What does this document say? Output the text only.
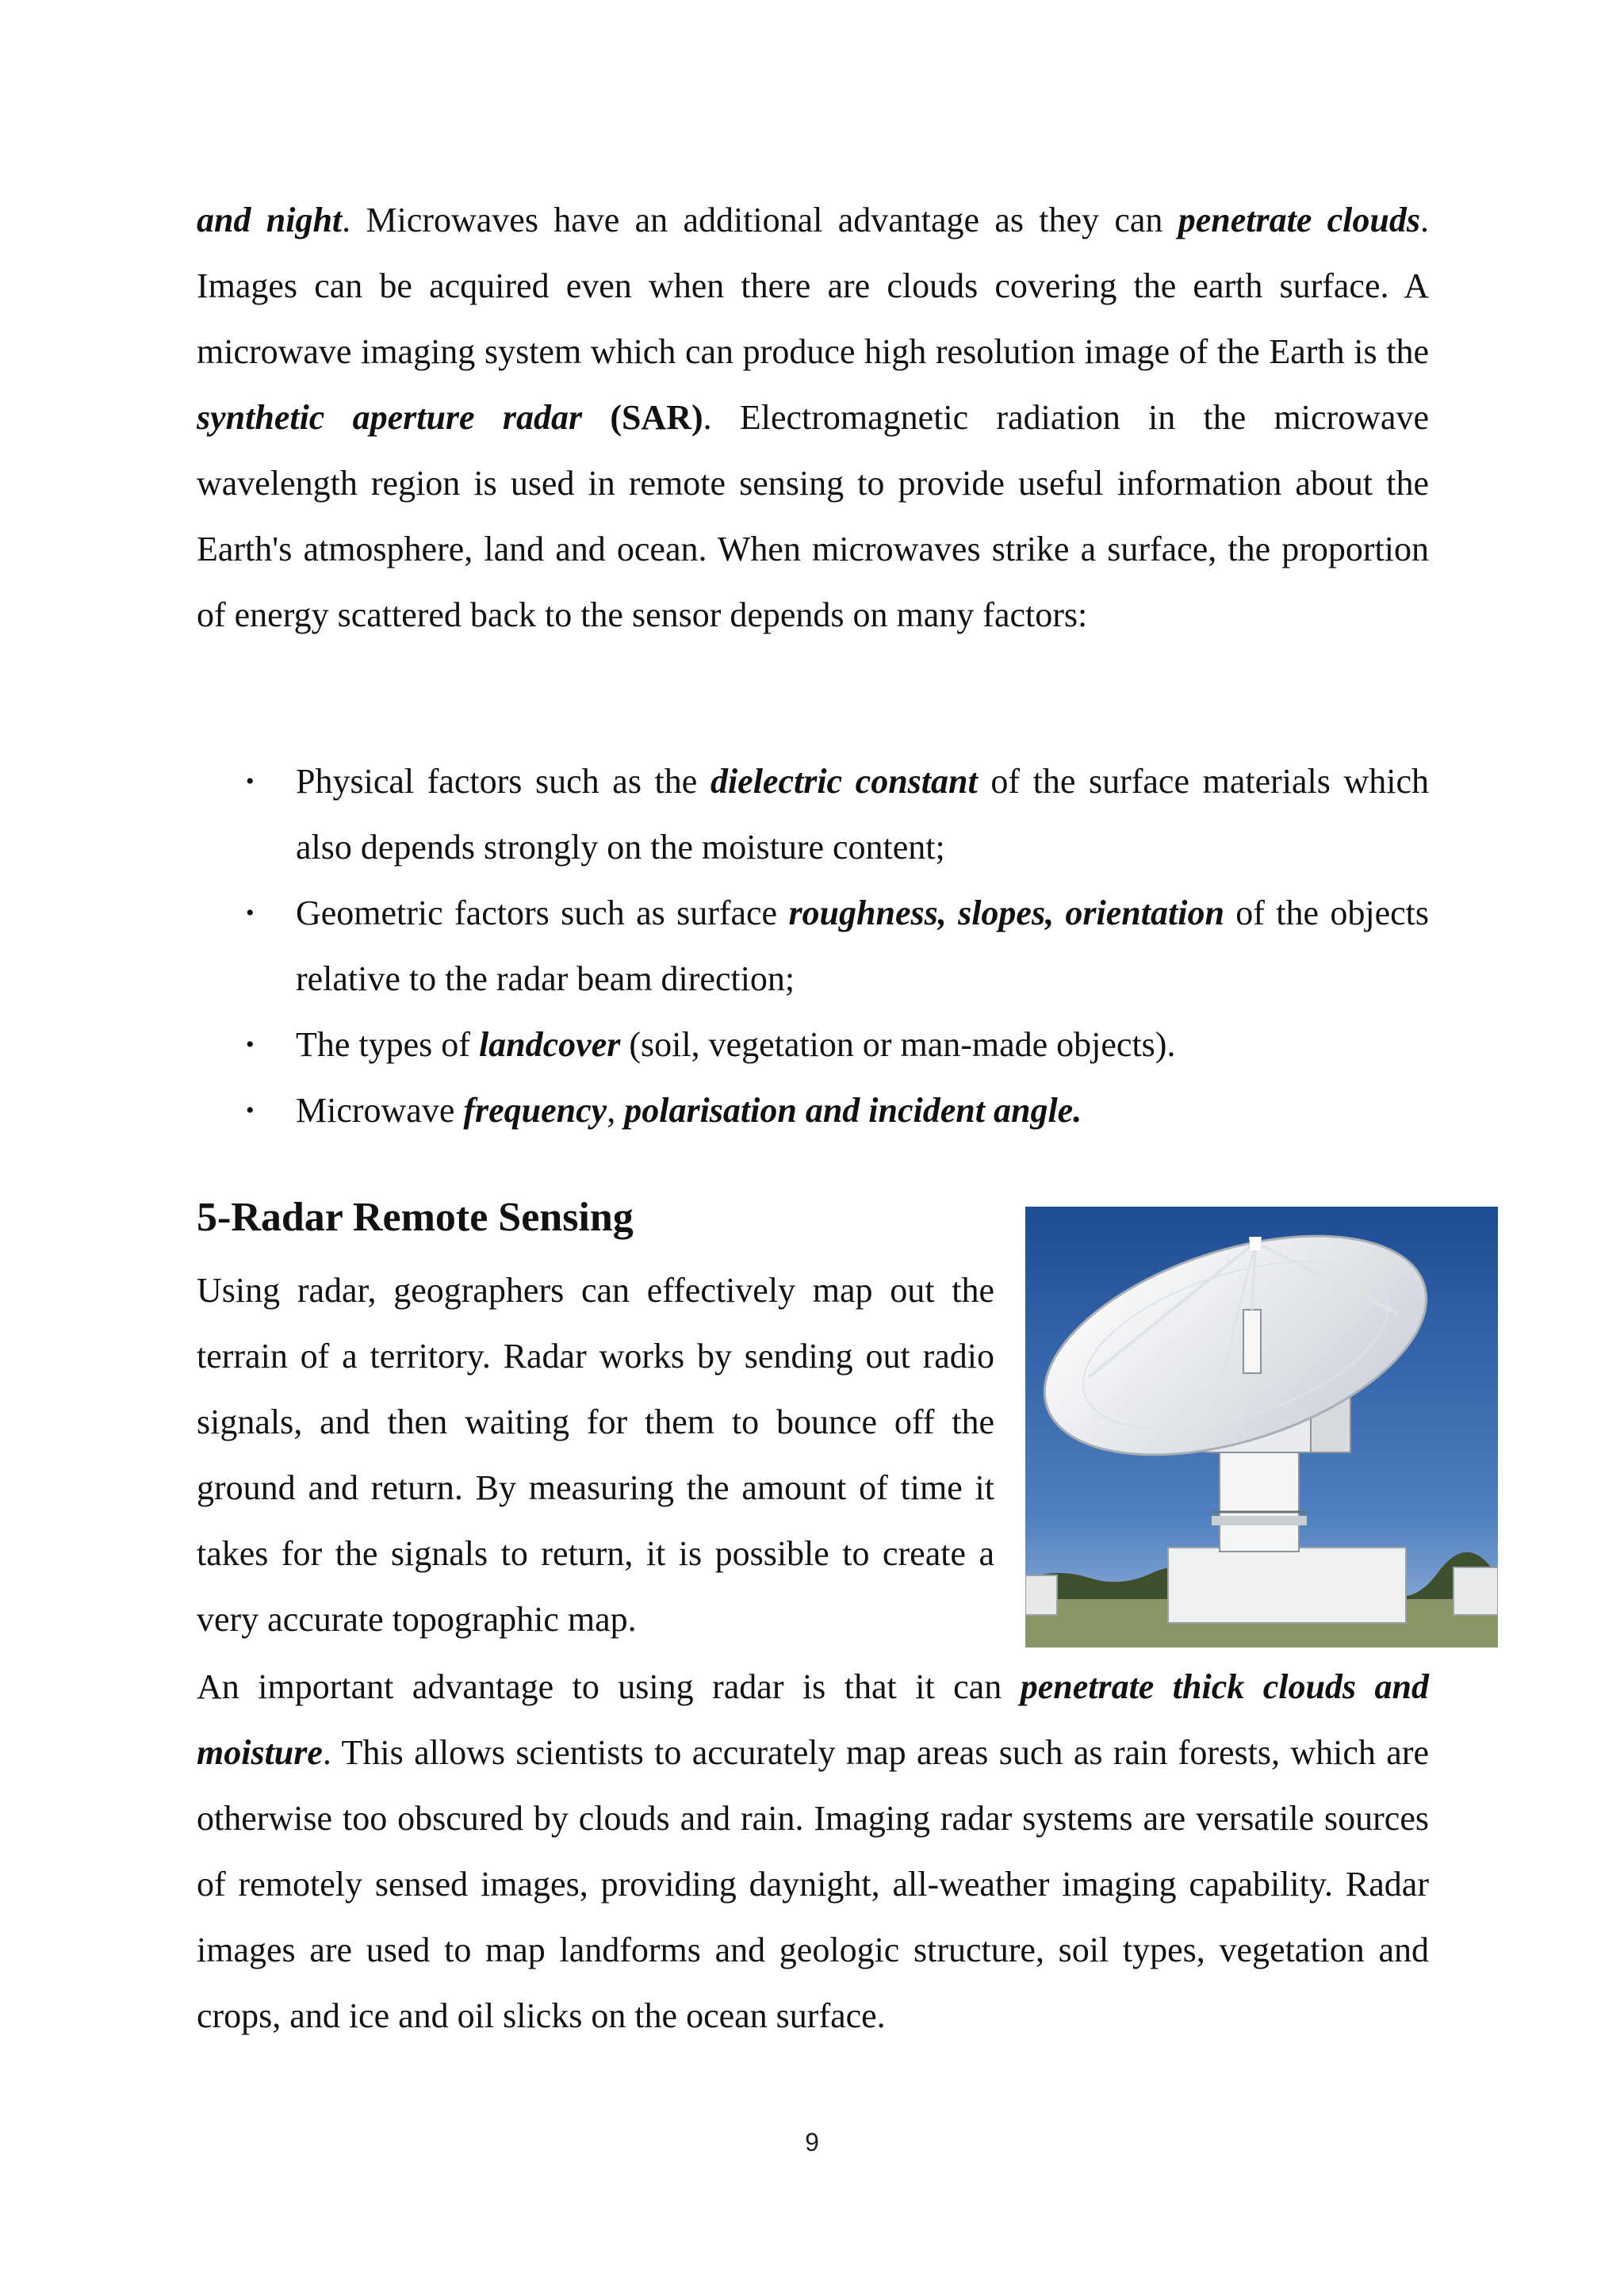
and night. Microwaves have an additional advantage as they can penetrate clouds. Images can be acquired even when there are clouds covering the earth surface. A microwave imaging system which can produce high resolution image of the Earth is the synthetic aperture radar (SAR). Electromagnetic radiation in the microwave wavelength region is used in remote sensing to provide useful information about the Earth's atmosphere, land and ocean. When microwaves strike a surface, the proportion of energy scattered back to the sensor depends on many factors:

• Physical factors such as the dielectric constant of the surface materials which also depends strongly on the moisture content;
• Geometric factors such as surface roughness, slopes, orientation of the objects relative to the radar beam direction;
• The types of landcover (soil, vegetation or man-made objects).
• Microwave frequency, polarisation and incident angle.
5-Radar Remote Sensing

Using radar, geographers can effectively map out the terrain of a territory. Radar works by sending out radio signals, and then waiting for them to bounce off the ground and return. By measuring the amount of time it takes for the signals to return, it is possible to create a very accurate topographic map.

An important advantage to using radar is that it can penetrate thick clouds and moisture. This allows scientists to accurately map areas such as rain forests, which are otherwise too obscured by clouds and rain. Imaging radar systems are versatile sources of remotely sensed images, providing daynight, all-weather imaging capability. Radar images are used to map landforms and geologic structure, soil types, vegetation and crops, and ice and oil slicks on the ocean surface.

9
